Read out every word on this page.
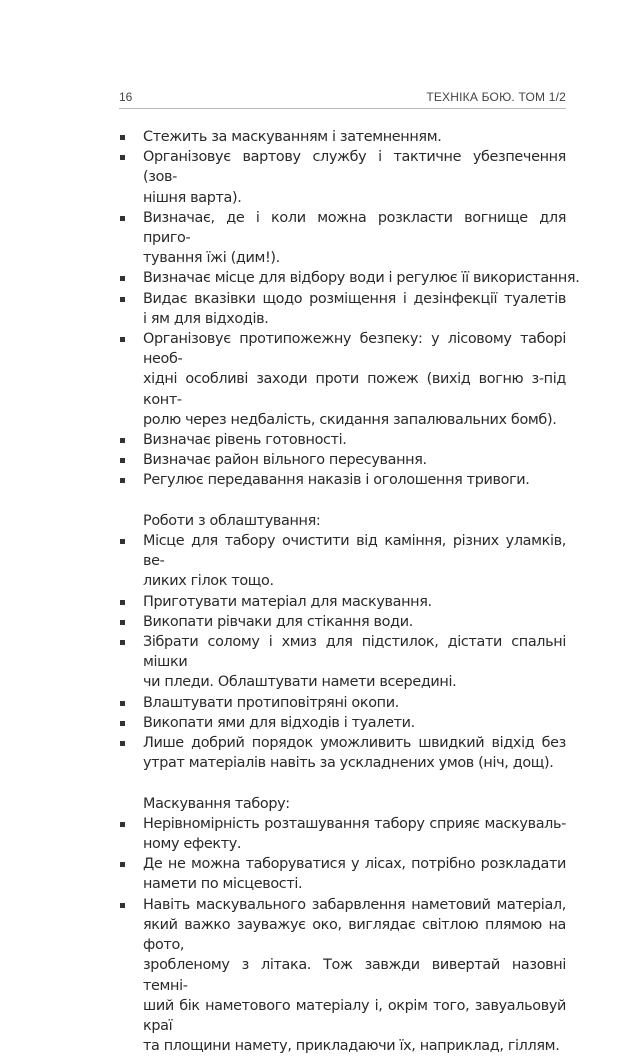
16	ТЕХНІКА БОЮ. ТОМ 1/2
Стежить за маскуванням і затемненням.
Організовує вартову службу і тактичне убезпечення (зов-
нішня варта).
Визначає, де і коли можна розкласти вогнище для приго-
тування їжі (дим!).
Визначає місце для відбору води і регулює її використання.
Видає вказівки щодо розміщення і дезінфекції туалетів
і ям для відходів.
Організовує протипожежну безпеку: у лісовому таборі необ-
хідні особливі заходи проти пожеж (вихід вогню з-під конт-
ролю через недбалість, скидання запалювальних бомб).
Визначає рівень готовності.
Визначає район вільного пересування.
Регулює передавання наказів і оголошення тривоги.
Роботи з облаштування:
Місце для табору очистити від каміння, різних уламків, ве-
ликих гілок тощо.
Приготувати матеріал для маскування.
Викопати рівчаки для стікання води.
Зібрати солому і хмиз для підстилок, дістати спальні мішки
чи пледи. Облаштувати намети всередині.
Влаштувати протиповітряні окопи.
Викопати ями для відходів і туалети.
Лише добрий порядок уможливить швидкий відхід без
утрат матеріалів навіть за ускладнених умов (ніч, дощ).
Маскування табору:
Нерівномірність розташування табору сприяє маскуваль-
ному ефекту.
Де не можна таборуватися у лісах, потрібно розкладати
намети по місцевості.
Навіть маскувального забарвлення наметовий матеріал,
який важко зауважує око, виглядає світлою плямою на фото,
зробленому з літака. Тож завжди вивертай назовні темні-
ший бік наметового матеріалу і, окрім того, завуальовуй краї
та площини намету, прикладаючи їх, наприклад, гіллям.
